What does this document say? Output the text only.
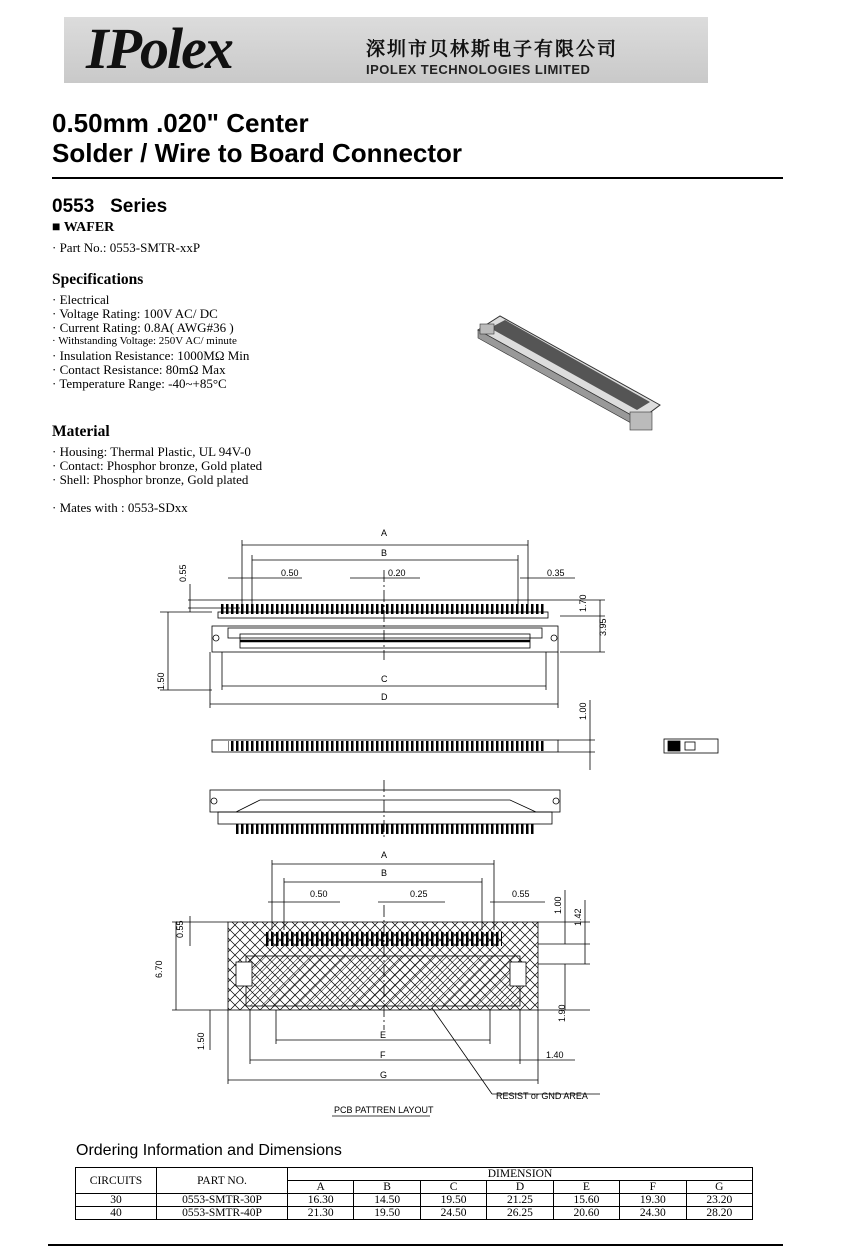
IPolex	深圳市贝林斯电子有限公司
IPOLEX TECHNOLOGIES LIMITED
0.50mm .020" Center
Solder / Wire to Board Connector
0553   Series
■ WAFER
· Part No.: 0553-SMTR-xxP
Specifications
· Electrical
· Voltage Rating: 100V AC/ DC
· Current Rating: 0.8A( AWG#36 )
· Withstanding Voltage: 250V AC/ minute
· Insulation Resistance: 1000MΩ Min
· Contact Resistance: 80mΩ Max
· Temperature Range: -40~+85°C
Material
· Housing: Thermal Plastic, UL 94V-0
· Contact: Phosphor bronze, Gold plated
· Shell: Phosphor bronze, Gold plated
· Mates with : 0553-SDxx
A
B
0.55	0.50	0.20	0.35
1.70
3.95
1.50	C
D
1.00
A
B
0.50	0.25	0.55
1.00
1.42
0.55
6.70
1.90
1.50	E
F	1.40
G
RESIST or GND AREA
PCB PATTREN LAYOUT
Ordering Information and Dimensions
CIRCUITS	PART NO.	DIMENSION						
		A	B	C	D	E	F	G
30	0553-SMTR-30P	16.30	14.50	19.50	21.25	15.60	19.30	23.20
40	0553-SMTR-40P	21.30	19.50	24.50	26.25	20.60	24.30	28.20
